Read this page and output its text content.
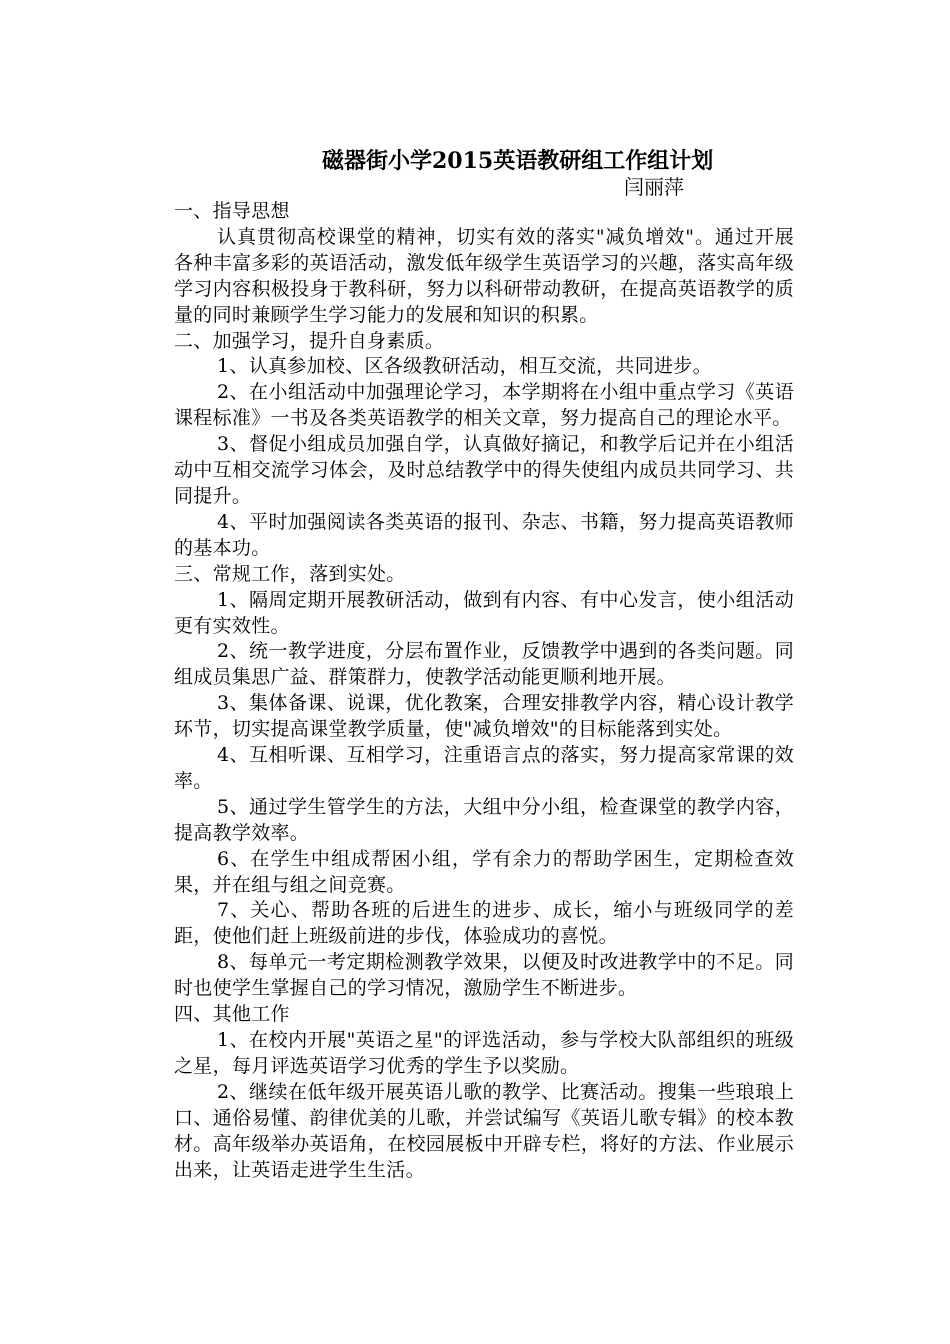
磁器街小学2015英语教研组工作组计划
闫丽萍

一、指导思想

认真贯彻高校课堂的精神，切实有效的落实"减负增效"。通过开展各种丰富多彩的英语活动，激发低年级学生英语学习的兴趣，落实高年级学习内容积极投身于教科研，努力以科研带动教研，在提高英语教学的质量的同时兼顾学生学习能力的发展和知识的积累。

二、加强学习，提升自身素质。

1、认真参加校、区各级教研活动，相互交流，共同进步。

2、在小组活动中加强理论学习，本学期将在小组中重点学习《英语课程标准》一书及各类英语教学的相关文章，努力提高自己的理论水平。

3、督促小组成员加强自学，认真做好摘记，和教学后记并在小组活动中互相交流学习体会，及时总结教学中的得失使组内成员共同学习、共同提升。

4、平时加强阅读各类英语的报刊、杂志、书籍，努力提高英语教师的基本功。

三、常规工作，落到实处。

1、隔周定期开展教研活动，做到有内容、有中心发言，使小组活动更有实效性。

2、统一教学进度，分层布置作业，反馈教学中遇到的各类问题。同组成员集思广益、群策群力，使教学活动能更顺利地开展。

3、集体备课、说课，优化教案，合理安排教学内容，精心设计教学环节，切实提高课堂教学质量，使"减负增效"的目标能落到实处。

4、互相听课、互相学习，注重语言点的落实，努力提高家常课的效率。

5、通过学生管学生的方法，大组中分小组，检查课堂的教学内容，提高教学效率。

6、在学生中组成帮困小组，学有余力的帮助学困生，定期检查效果，并在组与组之间竞赛。

7、关心、帮助各班的后进生的进步、成长，缩小与班级同学的差距，使他们赶上班级前进的步伐，体验成功的喜悦。

8、每单元一考定期检测教学效果，以便及时改进教学中的不足。同时也使学生掌握自己的学习情况，激励学生不断进步。

四、其他工作

1、在校内开展"英语之星"的评选活动，参与学校大队部组织的班级之星，每月评选英语学习优秀的学生予以奖励。

2、继续在低年级开展英语儿歌的教学、比赛活动。搜集一些琅琅上口、通俗易懂、韵律优美的儿歌，并尝试编写《英语儿歌专辑》的校本教材。高年级举办英语角，在校园展板中开辟专栏，将好的方法、作业展示出来，让英语走进学生生活。
